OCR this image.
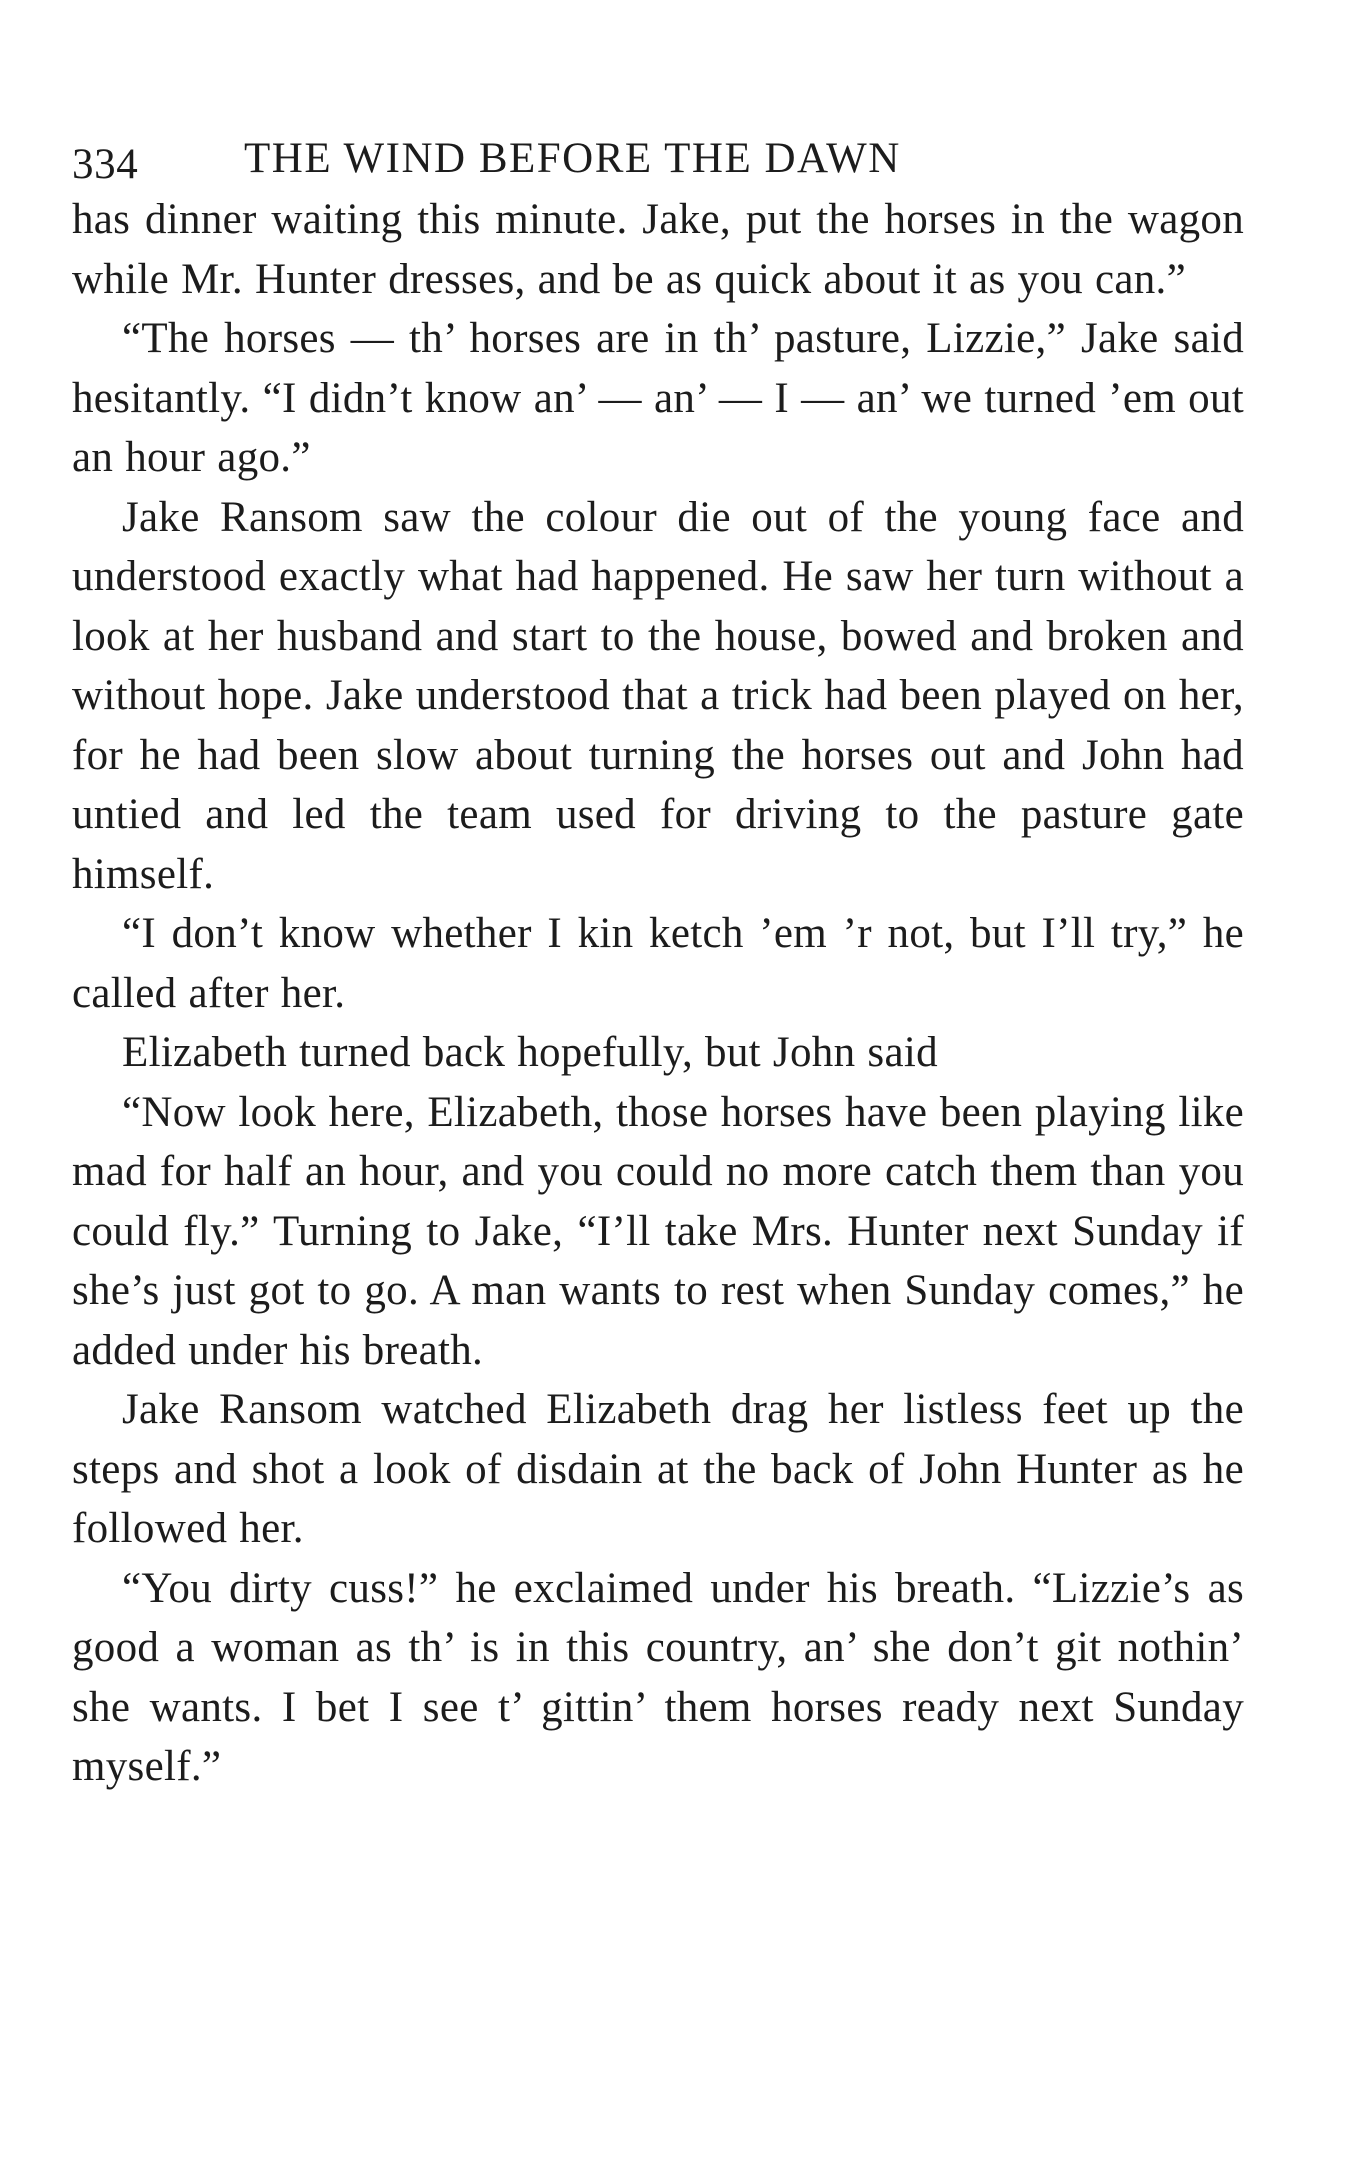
334 THE WIND BEFORE THE DAWN

has dinner waiting this minute. Jake, put the horses in the wagon while Mr. Hunter dresses, and be as quick about it as you can.”

“The horses — th’ horses are in th’ pasture, Lizzie,” Jake said hesitantly. “I didn’t know an’ — an’ — I — an’ we turned ’em out an hour ago.”

Jake Ransom saw the colour die out of the young face and understood exactly what had happened. He saw her turn without a look at her husband and start to the house, bowed and broken and without hope. Jake understood that a trick had been played on her, for he had been slow about turning the horses out and John had untied and led the team used for driving to the pasture gate himself.

“I don’t know whether I kin ketch ’em ’r not, but I’ll try,” he called after her.

Elizabeth turned back hopefully, but John said

“Now look here, Elizabeth, those horses have been playing like mad for half an hour, and you could no more catch them than you could fly.” Turning to Jake, “I’ll take Mrs. Hunter next Sunday if she’s just got to go. A man wants to rest when Sunday comes,” he added under his breath.

Jake Ransom watched Elizabeth drag her listless feet up the steps and shot a look of disdain at the back of John Hunter as he followed her.

“You dirty cuss!” he exclaimed under his breath. “Lizzie’s as good a woman as th’ is in this country, an’ she don’t git nothin’ she wants. I bet I see t’ gittin’ them horses ready next Sunday myself.”
